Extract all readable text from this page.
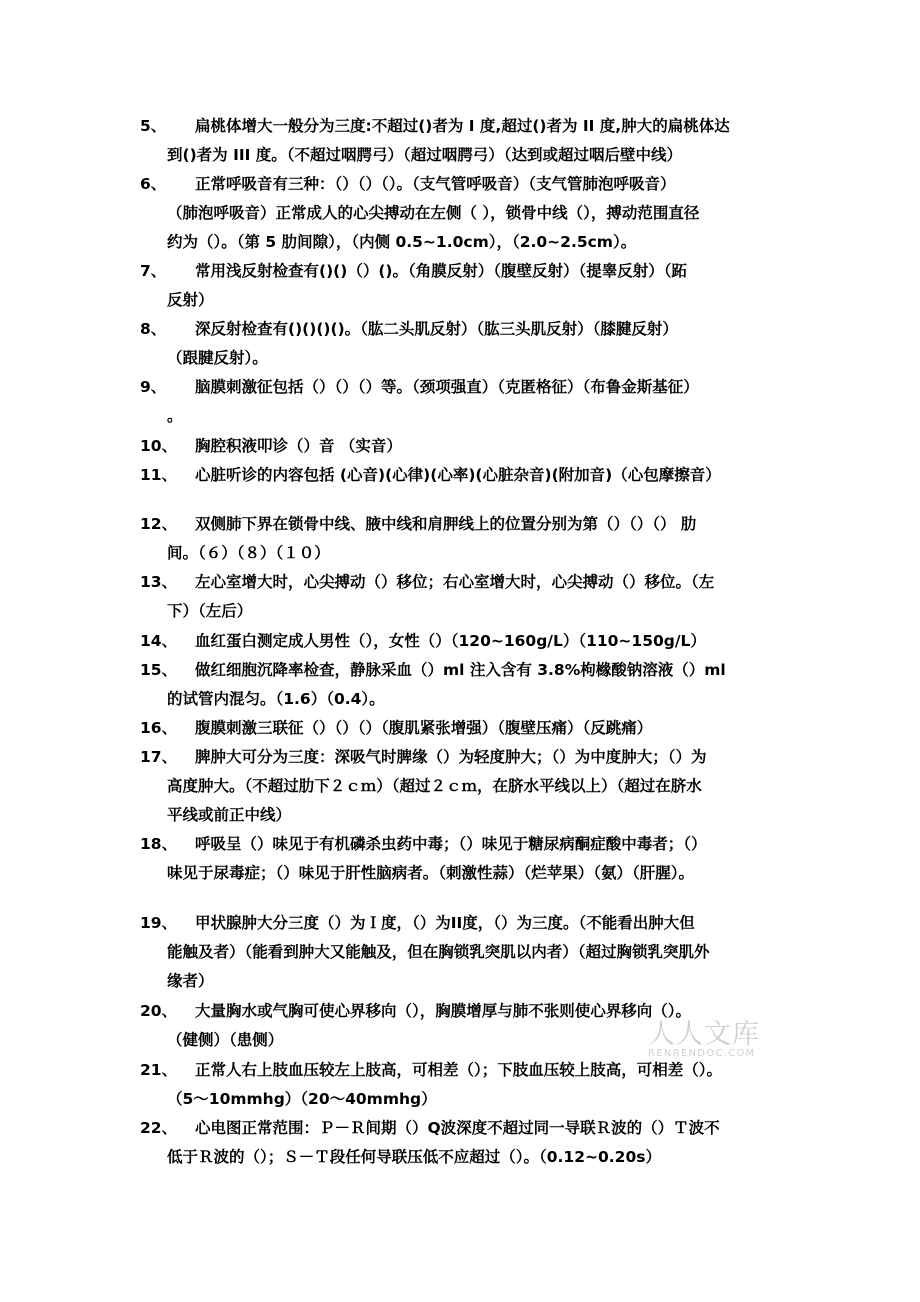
5、	扁桃体增大一般分为三度:不超过()者为 I 度,超过()者为 II 度,肿大的扁桃体达
到()者为 III 度。（不超过咽腭弓）（超过咽腭弓）（达到或超过咽后壁中线）
6、	正常呼吸音有三种：（）（）（）。（支气管呼吸音）（支气管肺泡呼吸音）
（肺泡呼吸音）正常成人的心尖搏动在左侧（ ），锁骨中线（），搏动范围直径
约为（）。（第 5 肋间隙），（内侧 0.5~1.0cm），（2.0~2.5cm）。
7、	常用浅反射检查有()()（）()。（角膜反射）（腹壁反射）（提睾反射）（跖
反射）
8、	深反射检查有()()()()。（肱二头肌反射）（肱三头肌反射）（膝腱反射）
（跟腱反射）。
9、	脑膜刺激征包括（）（）（）等。（颈项强直）（克匿格征）（布鲁金斯基征）
。
10、	胸腔积液叩诊（）音 （实音）
11、	心脏听诊的内容包括 (心音)(心律)(心率)(心脏杂音)(附加音)（心包摩擦音）
12、	双侧肺下界在锁骨中线、腋中线和肩胛线上的位置分别为第（）（）（） 肋
间。（６）（８）（１０）
13、	左心室增大时，心尖搏动（）移位；右心室增大时，心尖搏动（）移位。（左
下）（左后）
14、	血红蛋白测定成人男性（），女性（）（120~160g/L）（110~150g/L）
15、	做红细胞沉降率检查，静脉采血（）ml 注入含有 3.8%枸橼酸钠溶液（）ml
的试管内混匀。（1.6）（0.4）。
16、	腹膜刺激三联征（）（）（）（腹肌紧张增强）（腹壁压痛）（反跳痛）
17、	脾肿大可分为三度：深吸气时脾缘（）为轻度肿大；（）为中度肿大；（）为
高度肿大。（不超过肋下２ｃｍ）（超过２ｃｍ，在脐水平线以上）（超过在脐水
平线或前正中线）
18、	呼吸呈（）味见于有机磷杀虫药中毒；（）味见于糖尿病酮症酸中毒者；（）
味见于尿毒症；（）味见于肝性脑病者。（刺激性蒜）（烂苹果）（氨）（肝腥）。
19、	甲状腺肿大分三度（）为Ｉ度，（）为II度，（）为三度。（不能看出肿大但
能触及者）（能看到肿大又能触及，但在胸锁乳突肌以内者）（超过胸锁乳突肌外
缘者）
20、	大量胸水或气胸可使心界移向（），胸膜增厚与肺不张则使心界移向（）。
（健侧）（患侧）
21、	正常人右上肢血压较左上肢高，可相差（）；下肢血压较上肢高，可相差（）。
（5～10mmhg）（20～40mmhg）
22、	心电图正常范围：Ｐ－Ｒ间期（）Q波深度不超过同一导联Ｒ波的（）Ｔ波不
低于Ｒ波的（）；Ｓ－Ｔ段任何导联压低不应超过（）。（0.12~0.20s）
人人文库
RENRENDOC.COM
